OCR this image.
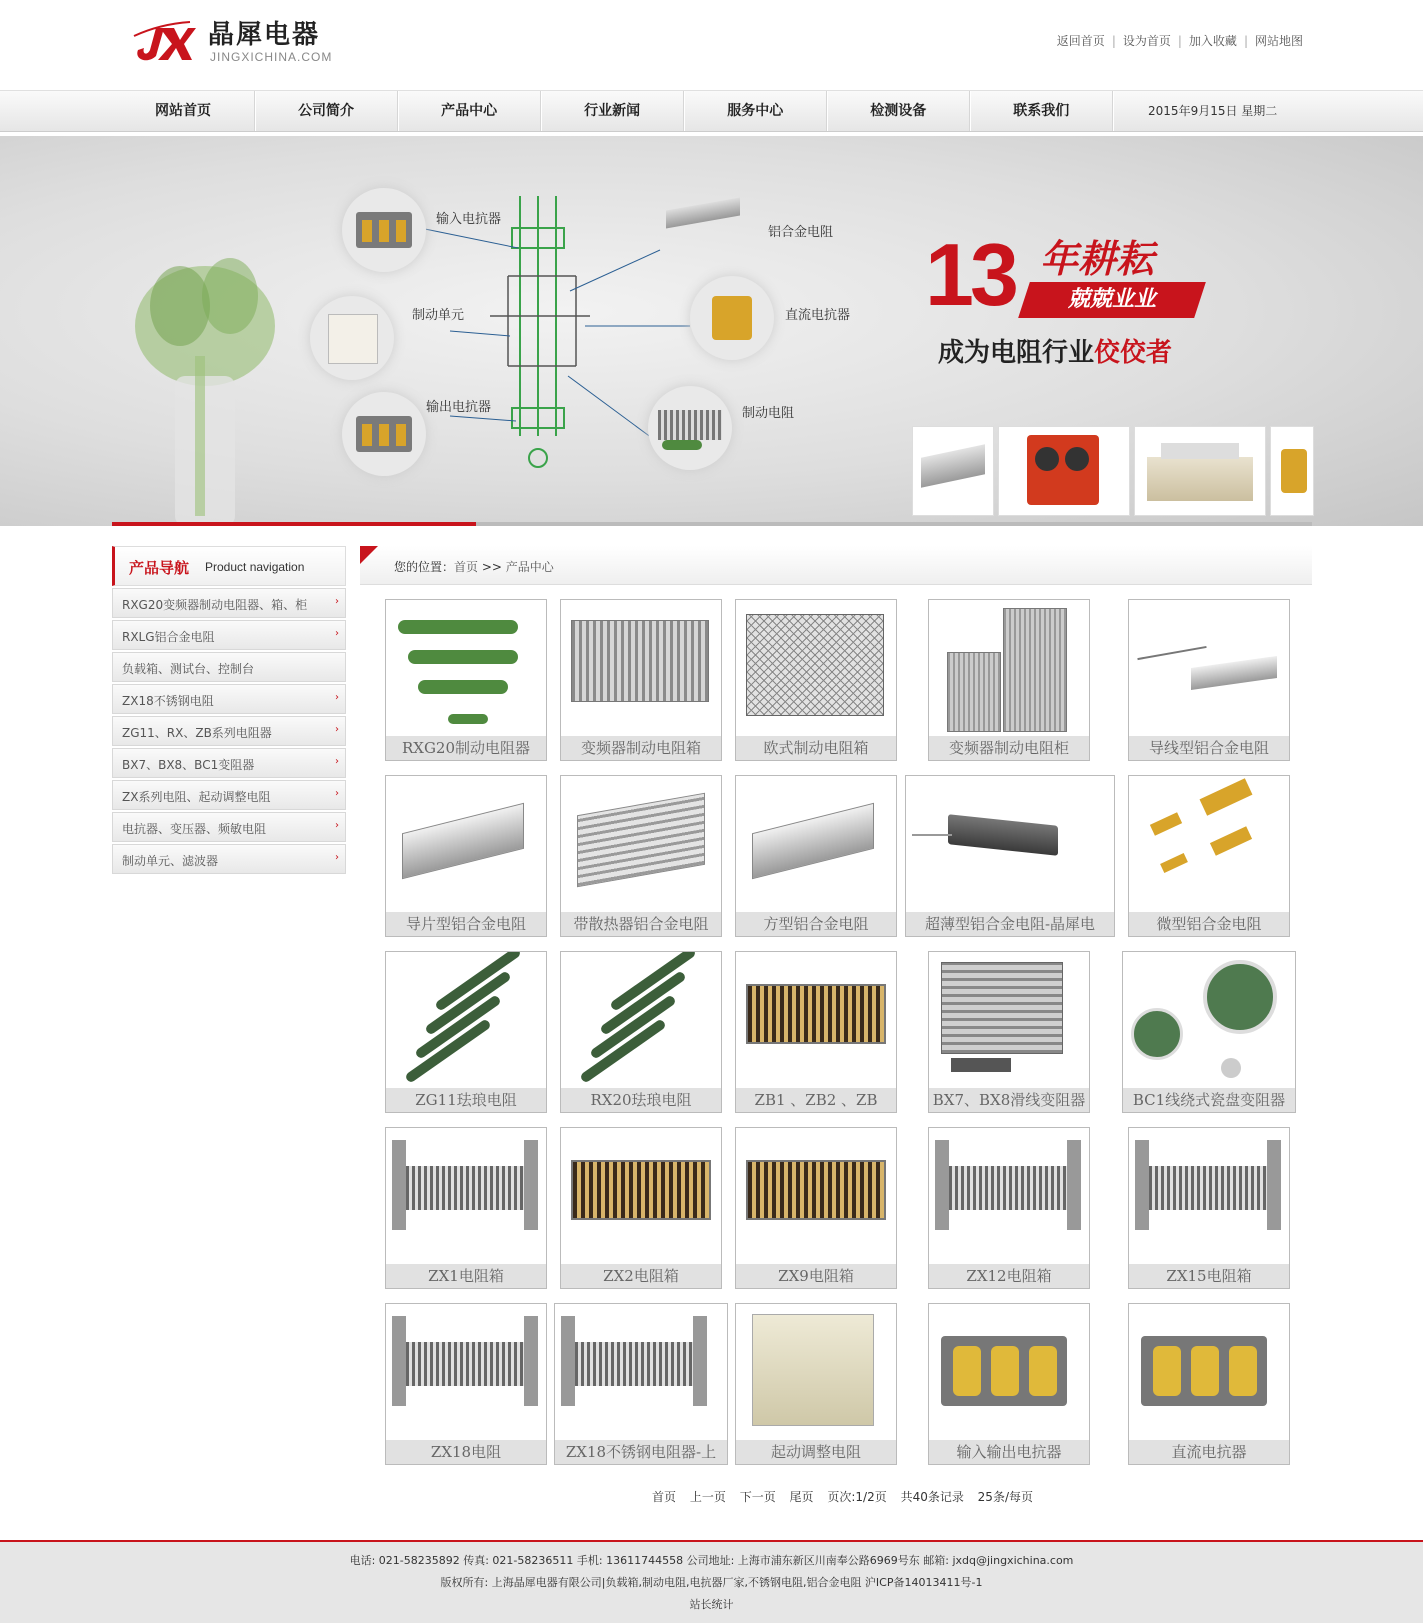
晶犀电器
JINGXICHINA.COM
返回首页 | 设为首页 | 加入收藏 | 网站地图
网站首页	公司简介	产品中心	行业新闻	服务中心	检测设备	联系我们	2015年9月15日 星期二
输入电抗器
铝合金电阻
制动单元	直流电抗器
输出电抗器	制动电阻
13 年耕耘
兢兢业业
成为电阻行业佼佼者
产品导航 Product navigation
RXG20变频器制动电阻器、箱、柜	›
RXLG铝合金电阻	›
负载箱、测试台、控制台
ZX18不锈钢电阻	›
ZG11、RX、ZB系列电阻器	›
BX7、BX8、BC1变阻器	›
ZX系列电阻、起动调整电阻	›
电抗器、变压器、频敏电阻	›
制动单元、滤波器	›
您的位置：首页 >> 产品中心
RXG20制动电阻器	变频器制动电阻箱	欧式制动电阻箱	变频器制动电阻柜	导线型铝合金电阻
导片型铝合金电阻	带散热器铝合金电阻	方型铝合金电阻	超薄型铝合金电阻-晶犀电	微型铝合金电阻
ZG11珐琅电阻	RX20珐琅电阻	ZB1 、ZB2 、ZB	BX7、BX8滑线变阻器	BC1线绕式瓷盘变阻器
ZX1电阻箱	ZX2电阻箱	ZX9电阻箱	ZX12电阻箱	ZX15电阻箱
ZX18电阻	ZX18不锈钢电阻器-上	起动调整电阻	输入输出电抗器	直流电抗器
首页 上一页 下一页 尾页 页次:1/2页 共40条记录 25条/每页
电话: 021-58235892 传真: 021-58236511 手机: 13611744558 公司地址: 上海市浦东新区川南奉公路6969号东 邮箱: jxdq@jingxichina.com
版权所有: 上海晶犀电器有限公司|负载箱,制动电阻,电抗器厂家,不锈钢电阻,铝合金电阻 沪ICP备14013411号-1
站长统计
